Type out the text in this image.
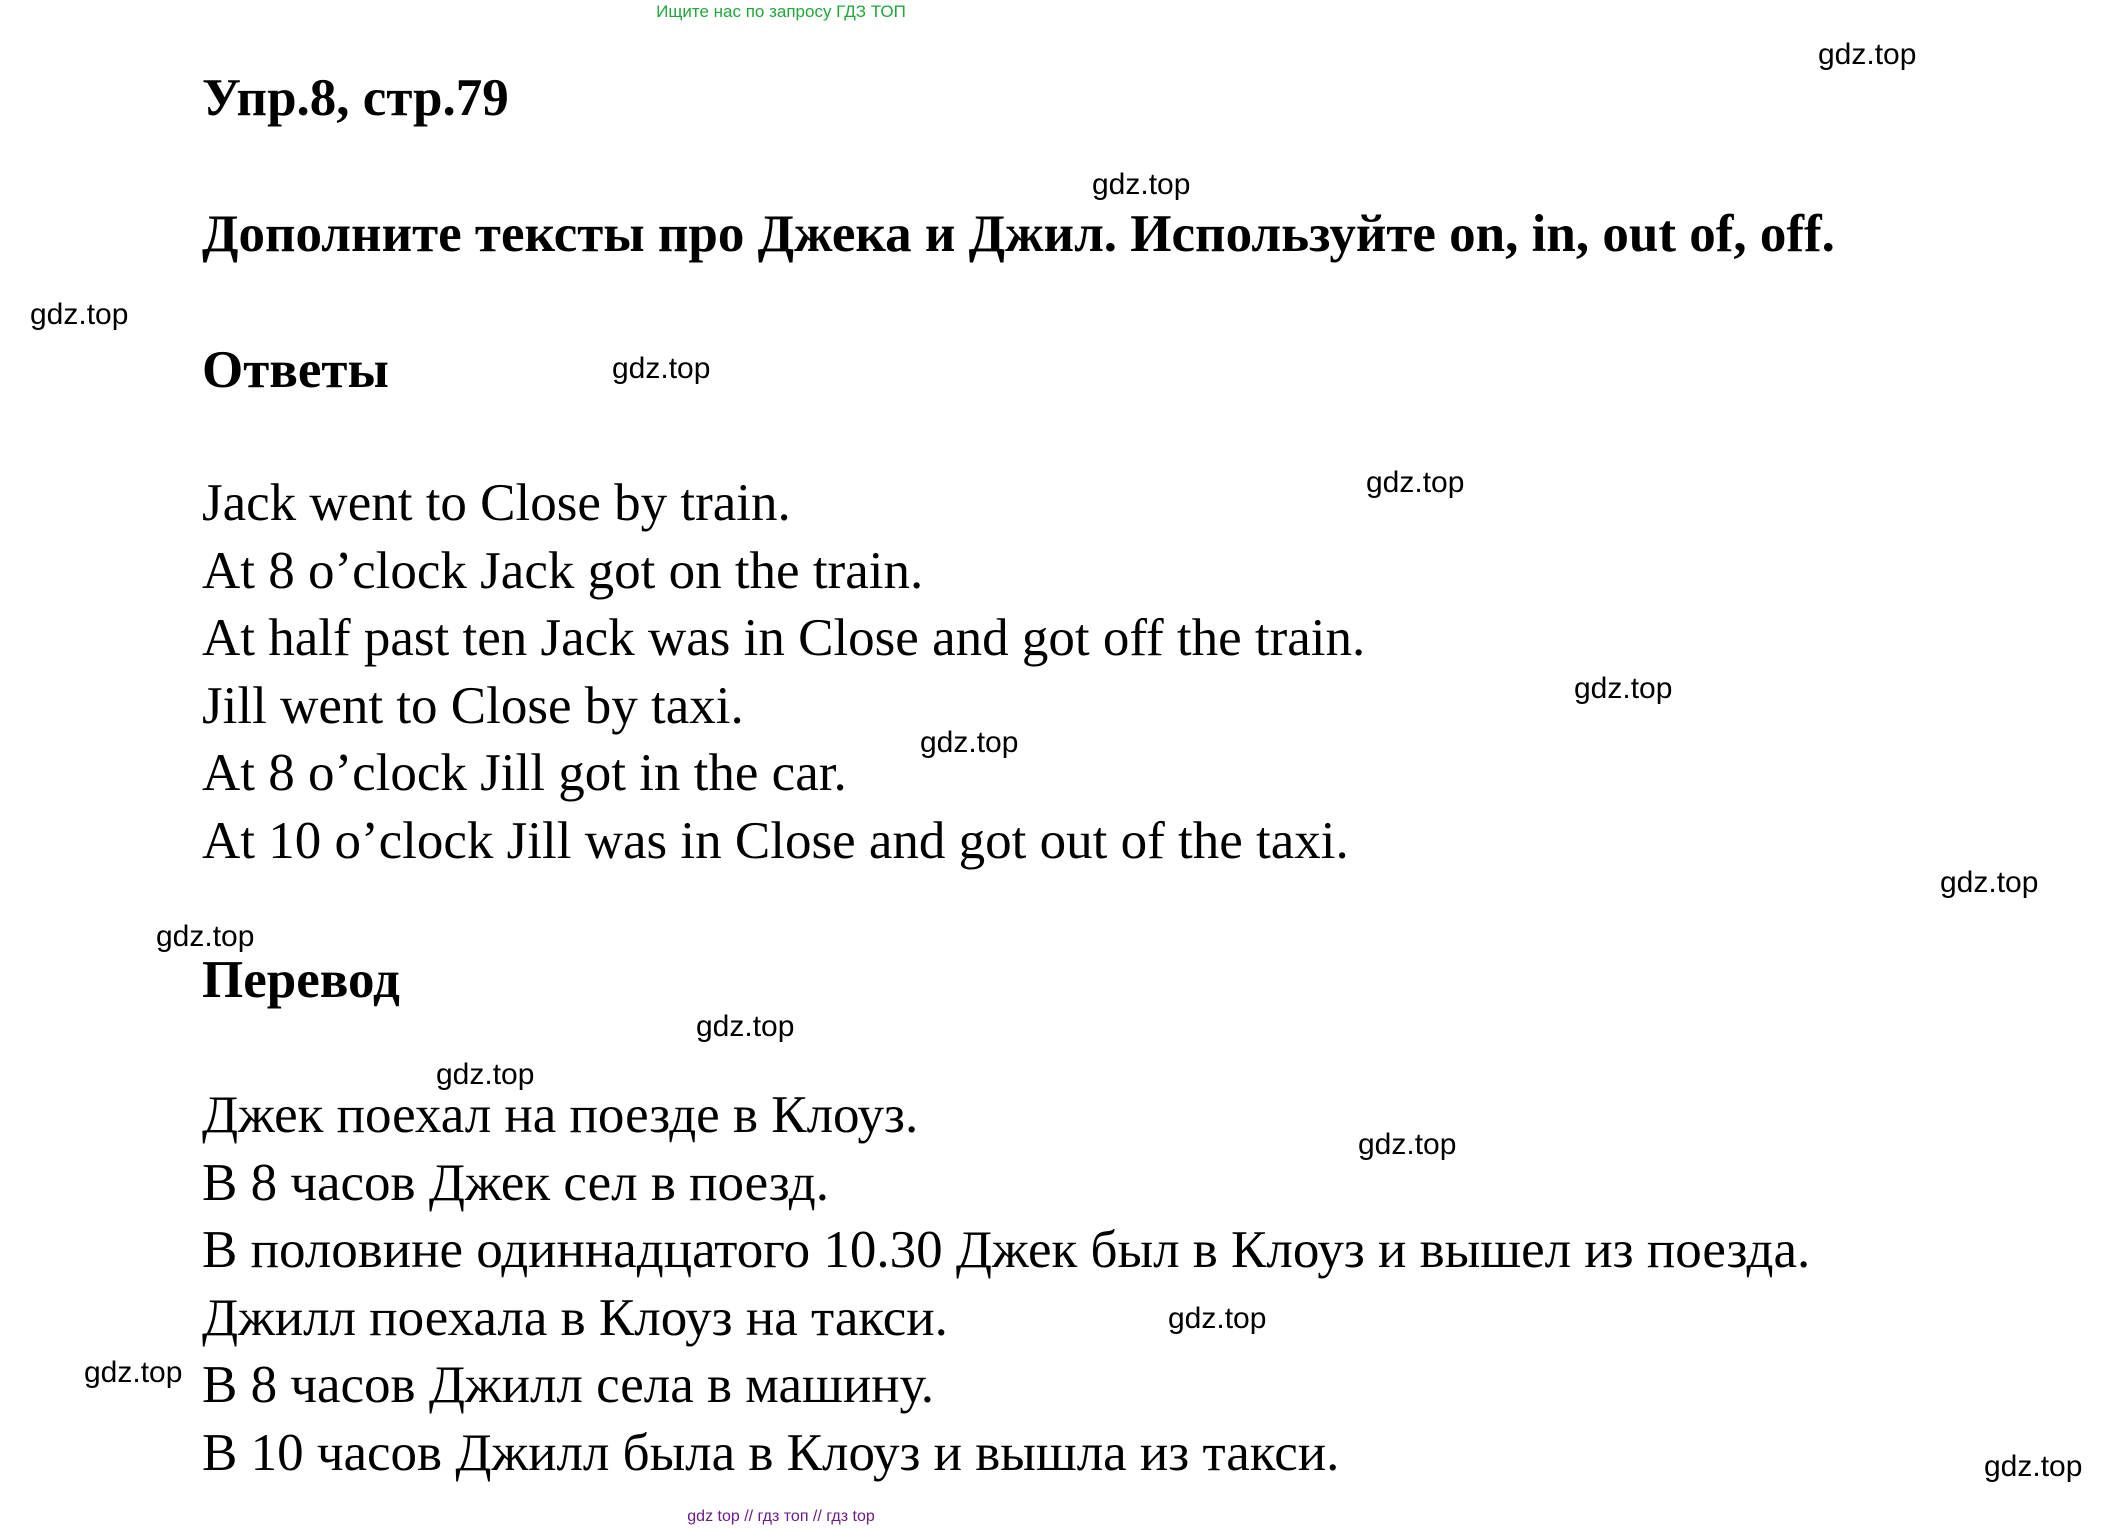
Ищите нас по запросу ГДЗ ТОП
Упр.8, стр.79
Дополните тексты про Джека и Джил. Используйте on, in, out of, off.
Ответы
Jack went to Close by train.
At 8 o’clock Jack got on the train.
At half past ten Jack was in Close and got off the train.
Jill went to Close by taxi.
At 8 o’clock Jill got in the car.
At 10 o’clock Jill was in Close and got out of the taxi.
Перевод
Джек поехал на поезде в Клоуз.
В 8 часов Джек сел в поезд.
В половине одиннадцатого 10.30 Джек был в Клоуз и вышел из поезда.
Джилл поехала в Клоуз на такси.
В 8 часов Джилл села в машину.
В 10 часов Джилл была в Клоуз и вышла из такси.
gdz.top
gdz.top
gdz.top
gdz.top
gdz.top
gdz.top
gdz.top
gdz.top
gdz.top
gdz.top
gdz.top
gdz.top
gdz.top
gdz.top
gdz.top
gdz top // гдз топ // гдз top
